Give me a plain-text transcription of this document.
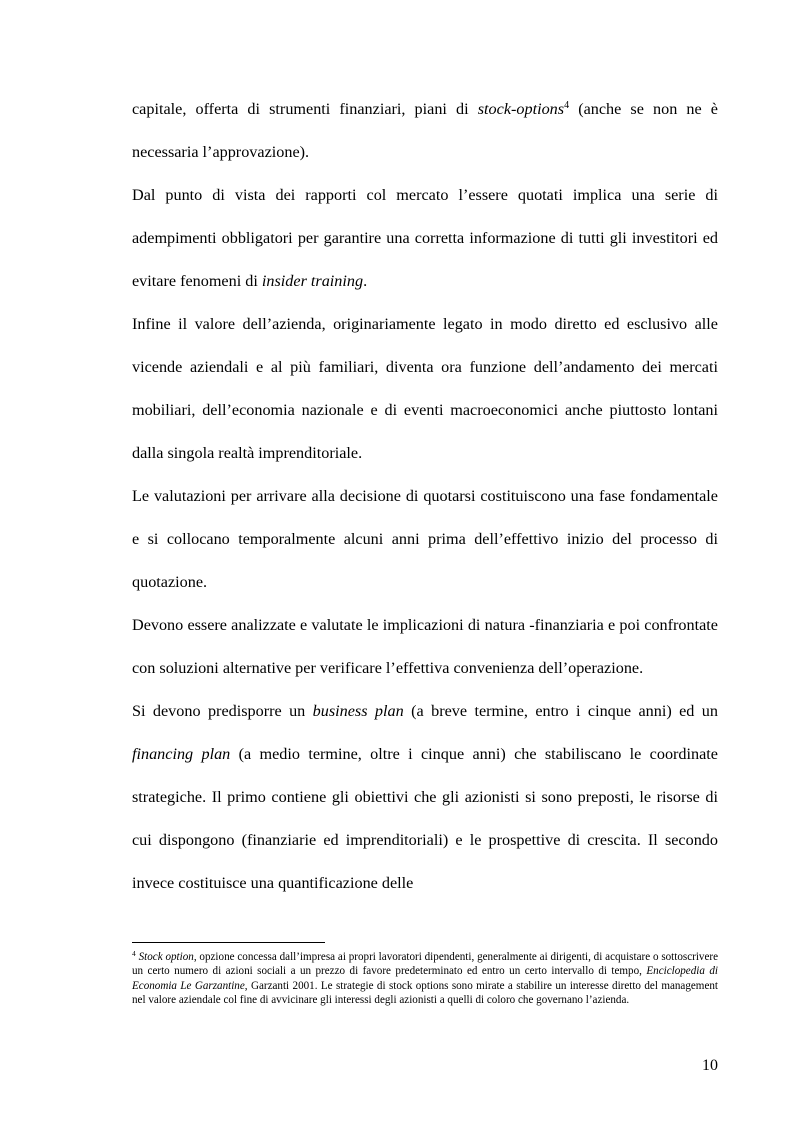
capitale, offerta di strumenti finanziari, piani di stock-options$^4$ (anche se non ne è necessaria l’approvazione).

Dal punto di vista dei rapporti col mercato l’essere quotati implica una serie di adempimenti obbligatori per garantire una corretta informazione di tutti gli investitori ed evitare fenomeni di insider training.

Infine il valore dell’azienda, originariamente legato in modo diretto ed esclusivo alle vicende aziendali e al più familiari, diventa ora funzione dell’andamento dei mercati mobiliari, dell’economia nazionale e di eventi macroeconomici anche piuttosto lontani dalla singola realtà imprenditoriale.

Le valutazioni per arrivare alla decisione di quotarsi costituiscono una fase fondamentale e si collocano temporalmente alcuni anni prima dell’effettivo inizio del processo di quotazione.

Devono essere analizzate e valutate le implicazioni di natura -finanziaria e poi confrontate con soluzioni alternative per verificare l’effettiva convenienza dell’operazione.

Si devono predisporre un business plan (a breve termine, entro i cinque anni) ed un financing plan (a medio termine, oltre i cinque anni) che stabiliscano le coordinate strategiche. Il primo contiene gli obiettivi che gli azionisti si sono preposti, le risorse di cui dispongono (finanziarie ed imprenditoriali) e le prospettive di crescita. Il secondo invece costituisce una quantificazione delle

$^4$ Stock option, opzione concessa dall’impresa ai propri lavoratori dipendenti, generalmente ai dirigenti, di acquistare o sottoscrivere un certo numero di azioni sociali a un prezzo di favore predeterminato ed entro un certo intervallo di tempo, Enciclopedia di Economia Le Garzantine, Garzanti 2001. Le strategie di stock options sono mirate a stabilire un interesse diretto del management nel valore aziendale col fine di avvicinare gli interessi degli azionisti a quelli di coloro che governano l’azienda.
10
